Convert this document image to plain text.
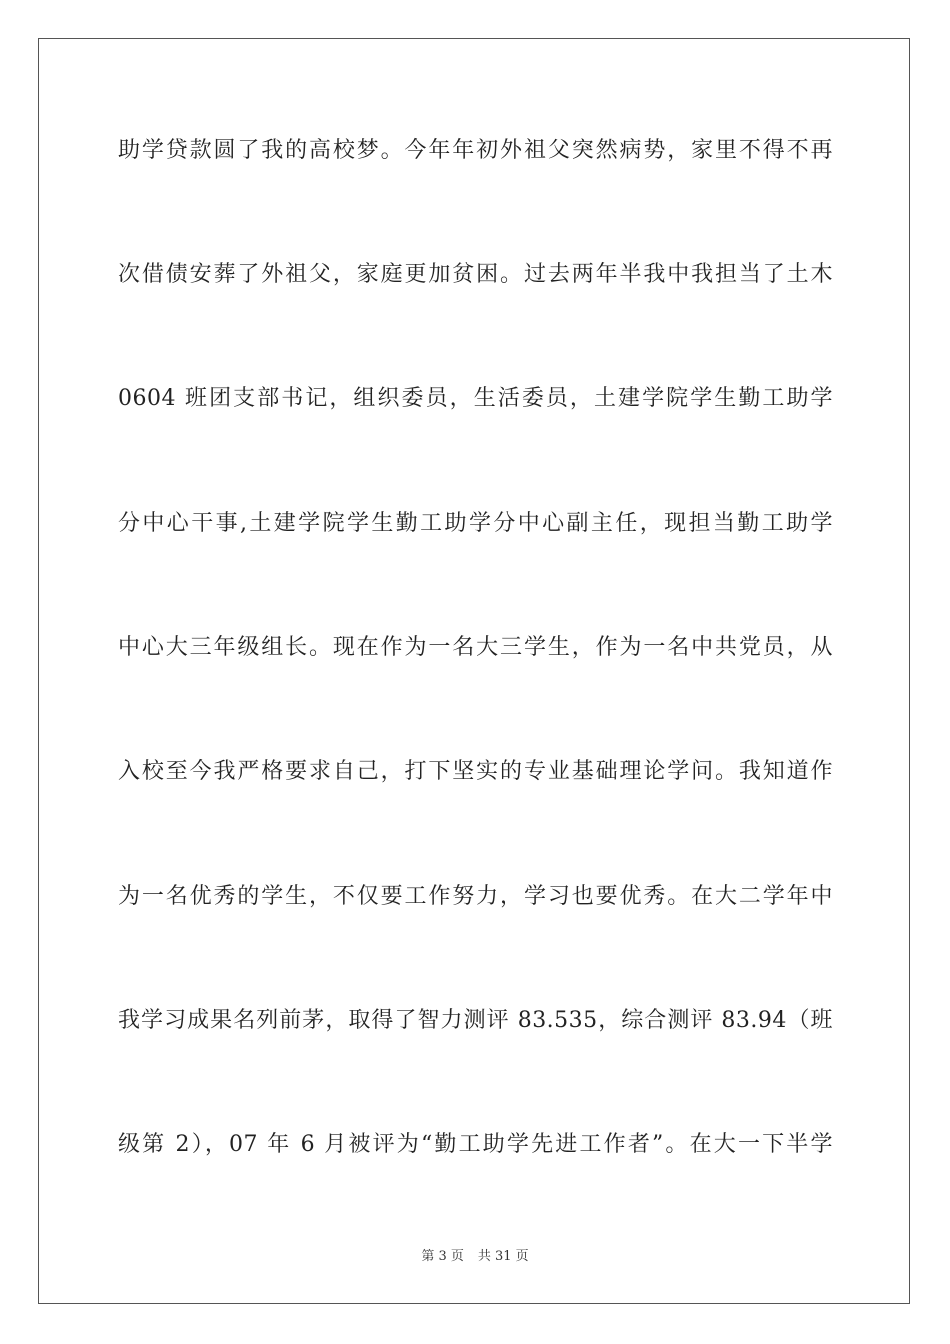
助学贷款圆了我的高校梦。今年年初外祖父突然病势，家里不得不再
次借债安葬了外祖父，家庭更加贫困。过去两年半我中我担当了土木
0604 班团支部书记，组织委员，生活委员，土建学院学生勤工助学
分中心干事,土建学院学生勤工助学分中心副主任，现担当勤工助学
中心大三年级组长。现在作为一名大三学生，作为一名中共党员，从
入校至今我严格要求自己，打下坚实的专业基础理论学问。我知道作
为一名优秀的学生，不仅要工作努力，学习也要优秀。在大二学年中
我学习成果名列前茅，取得了智力测评 83.535，综合测评 83.94（班
级第 2），07 年 6 月被评为“勤工助学先进工作者”。在大一下半学
第 3 页 共 31 页
